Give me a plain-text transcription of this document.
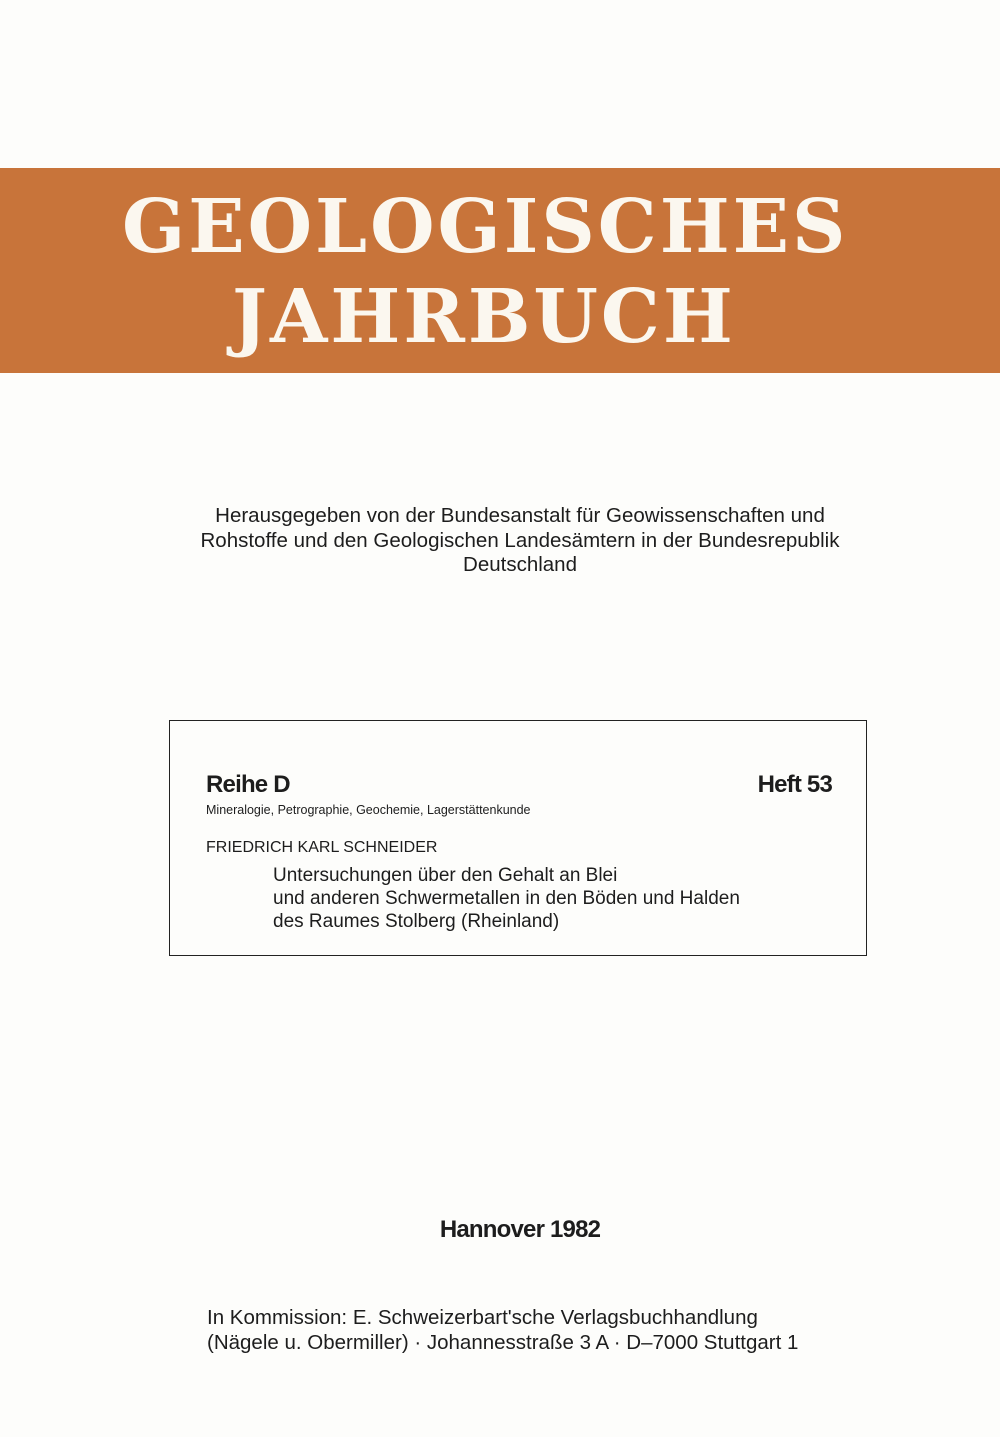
GEOLOGISCHES
JAHRBUCH
Herausgegeben von der Bundesanstalt für Geowissenschaften und
Rohstoffe und den Geologischen Landesämtern in der Bundesrepublik
Deutschland
Reihe D	Heft 53
Mineralogie, Petrographie, Geochemie, Lagerstättenkunde
FRIEDRICH KARL SCHNEIDER
Untersuchungen über den Gehalt an Blei
und anderen Schwermetallen in den Böden und Halden
des Raumes Stolberg (Rheinland)
Hannover 1982
In Kommission: E. Schweizerbart'sche Verlagsbuchhandlung
(Nägele u. Obermiller) · Johannesstraße 3 A · D–7000 Stuttgart 1
